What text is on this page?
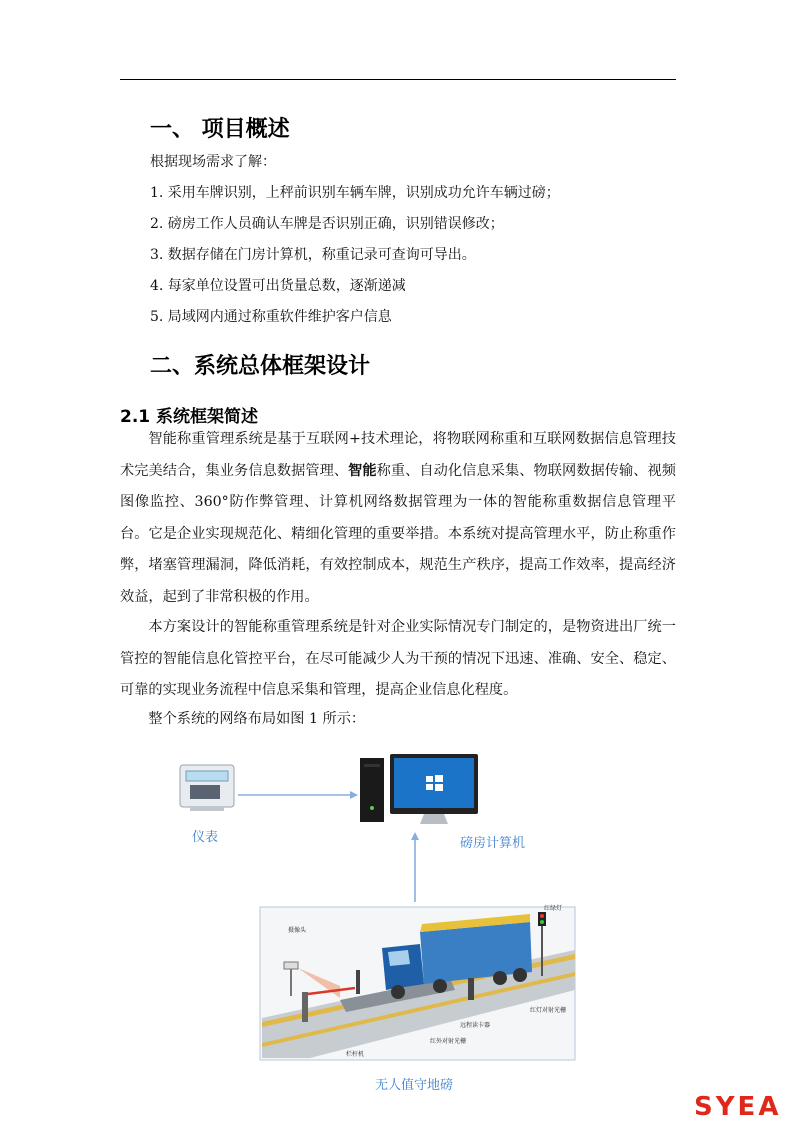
一、 项目概述
根据现场需求了解：
1. 采用车牌识别，上秤前识别车辆车牌，识别成功允许车辆过磅；
2. 磅房工作人员确认车牌是否识别正确，识别错误修改；
3. 数据存储在门房计算机，称重记录可查询可导出。
4. 每家单位设置可出货量总数，逐渐递减
5. 局域网内通过称重软件维护客户信息
二、系统总体框架设计
2.1 系统框架简述

智能称重管理系统是基于互联网+技术理论，将物联网称重和互联网数据信息管理技术完美结合，集业务信息数据管理、智能称重、自动化信息采集、物联网数据传输、视频图像监控、360°防作弊管理、计算机网络数据管理为一体的智能称重数据信息管理平台。它是企业实现规范化、精细化管理的重要举措。本系统对提高管理水平，防止称重作弊，堵塞管理漏洞，降低消耗，有效控制成本，规范生产秩序，提高工作效率，提高经济效益，起到了非常积极的作用。

本方案设计的智能称重管理系统是针对企业实际情况专门制定的，是物资进出厂统一管控的智能信息化管控平台，在尽可能减少人为干预的情况下迅速、准确、安全、稳定、可靠的实现业务流程中信息采集和管理，提高企业信息化程度。

整个系统的网络布局如图 1 所示：

摄像头
红绿灯
红灯对射光栅
远程读卡器
红外对射光栅
栏杆机
仪表	磅房计算机
无人值守地磅
SYEA
